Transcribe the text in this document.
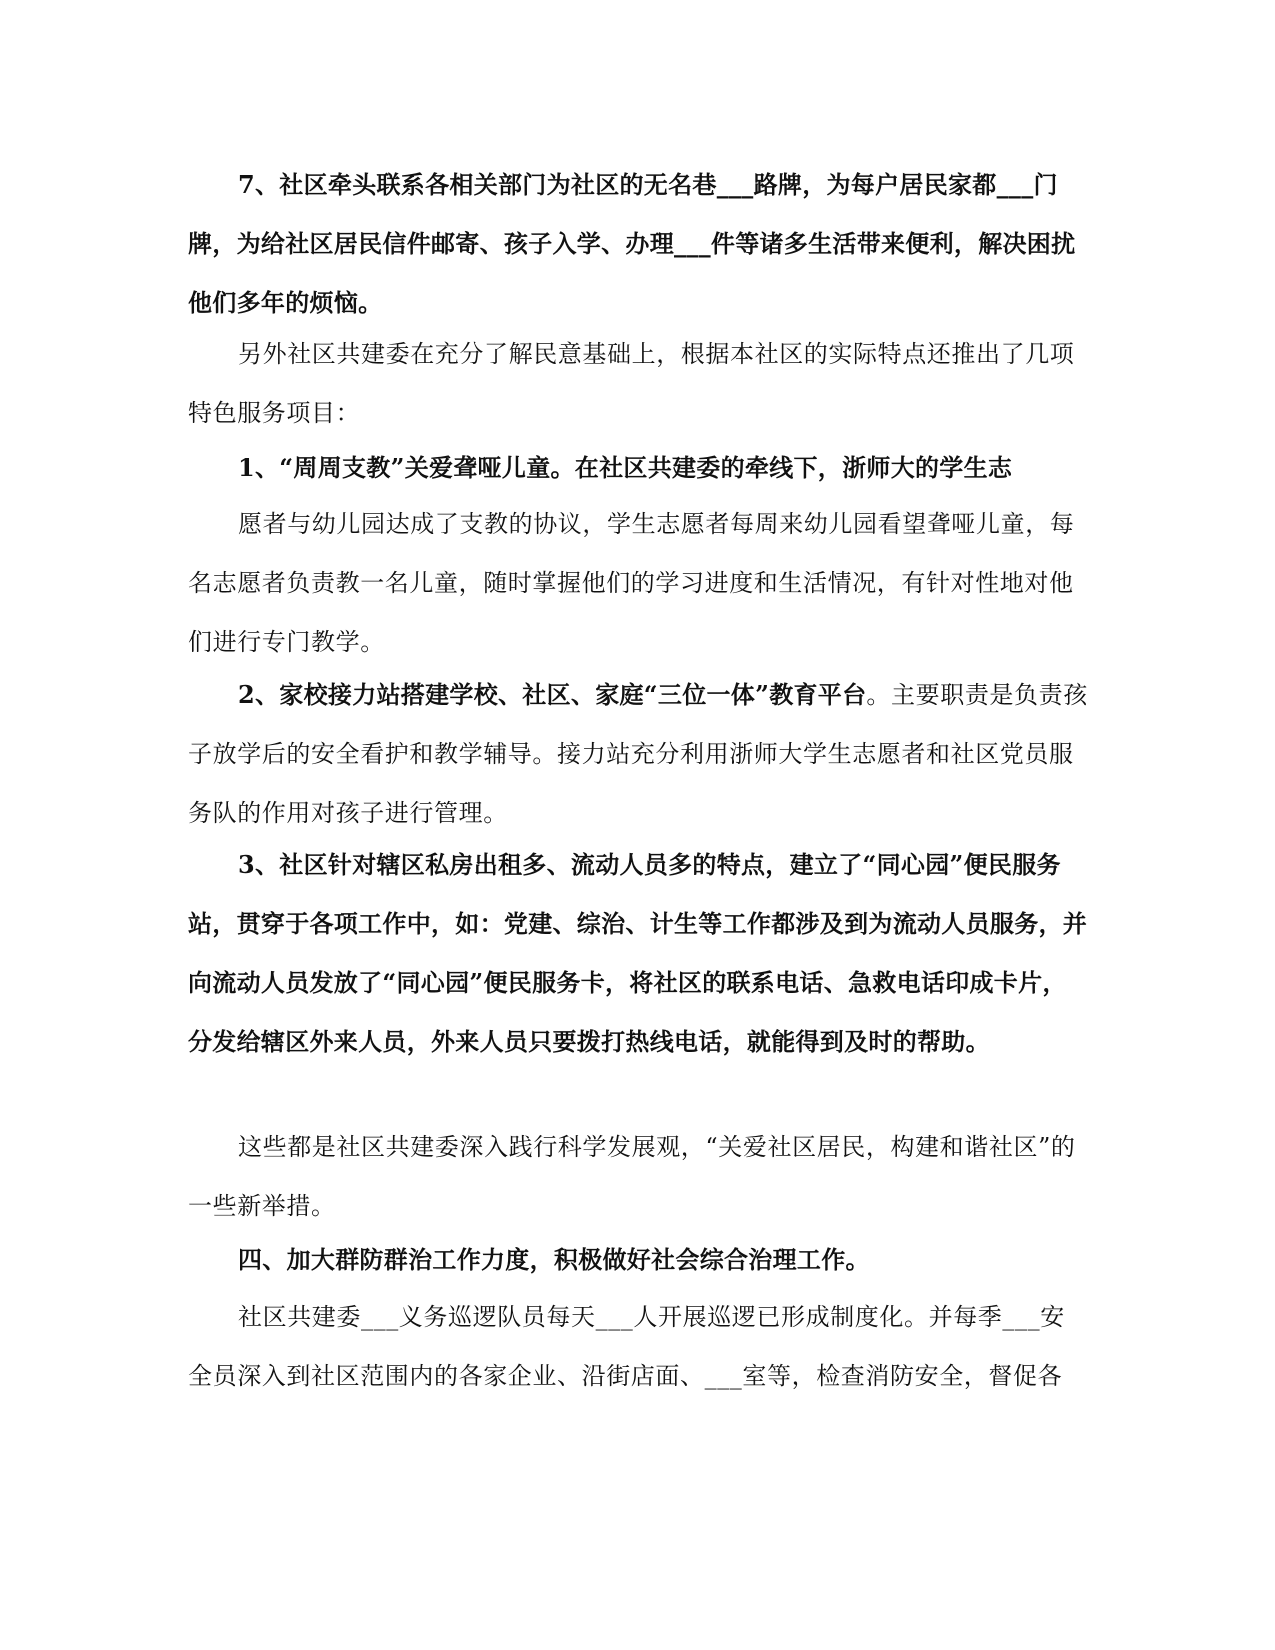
7、社区牵头联系各相关部门为社区的无名巷___路牌，为每户居民家都___门牌，为给社区居民信件邮寄、孩子入学、办理___件等诸多生活带来便利，解决困扰他们多年的烦恼。

另外社区共建委在充分了解民意基础上，根据本社区的实际特点还推出了几项特色服务项目：

1、“周周支教”关爱聋哑儿童。在社区共建委的牵线下，浙师大的学生志

愿者与幼儿园达成了支教的协议，学生志愿者每周来幼儿园看望聋哑儿童，每名志愿者负责教一名儿童，随时掌握他们的学习进度和生活情况，有针对性地对他们进行专门教学。

2、家校接力站搭建学校、社区、家庭“三位一体”教育平台。主要职责是负责孩子放学后的安全看护和教学辅导。接力站充分利用浙师大学生志愿者和社区党员服务队的作用对孩子进行管理。

3、社区针对辖区私房出租多、流动人员多的特点，建立了“同心园”便民服务站，贯穿于各项工作中，如：党建、综治、计生等工作都涉及到为流动人员服务，并向流动人员发放了“同心园”便民服务卡，将社区的联系电话、急救电话印成卡片，分发给辖区外来人员，外来人员只要拨打热线电话，就能得到及时的帮助。

这些都是社区共建委深入践行科学发展观，“关爱社区居民，构建和谐社区”的一些新举措。

四、加大群防群治工作力度，积极做好社会综合治理工作。

社区共建委___义务巡逻队员每天___人开展巡逻已形成制度化。并每季___安全员深入到社区范围内的各家企业、沿街店面、___室等，检查消防安全，督促各
